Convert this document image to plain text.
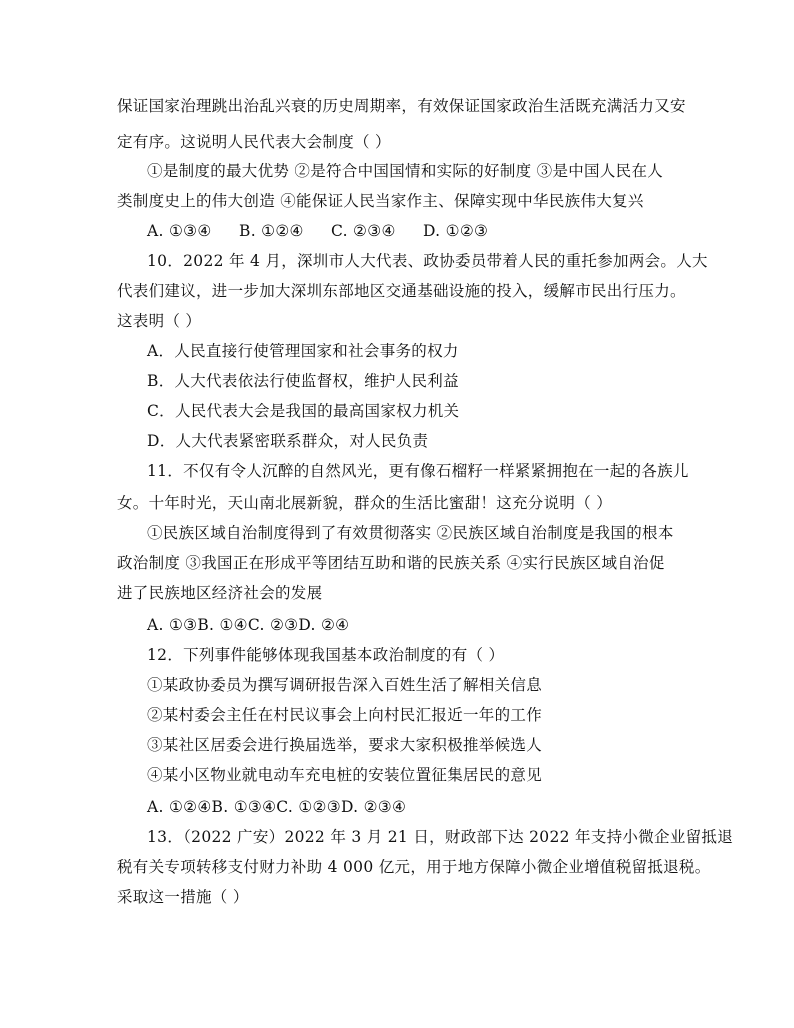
保证国家治理跳出治乱兴衰的历史周期率，有效保证国家政治生活既充满活力又安
定有序。这说明人民代表大会制度（ ）
①是制度的最大优势 ②是符合中国国情和实际的好制度 ③是中国人民在人
类制度史上的伟大创造 ④能保证人民当家作主、保障实现中华民族伟大复兴
A. ①③④ B. ①②④ C. ②③④ D. ①②③
10．2022 年 4 月，深圳市人大代表、政协委员带着人民的重托参加两会。人大
代表们建议，进一步加大深圳东部地区交通基础设施的投入，缓解市民出行压力。
这表明（ ）
A．人民直接行使管理国家和社会事务的权力
B．人大代表依法行使监督权，维护人民利益
C．人民代表大会是我国的最高国家权力机关
D．人大代表紧密联系群众，对人民负责
11．不仅有令人沉醉的自然风光，更有像石榴籽一样紧紧拥抱在一起的各族儿
女。十年时光，天山南北展新貌，群众的生活比蜜甜！这充分说明（ ）
①民族区域自治制度得到了有效贯彻落实 ②民族区域自治制度是我国的根本
政治制度 ③我国正在形成平等团结互助和谐的民族关系 ④实行民族区域自治促
进了民族地区经济社会的发展
A. ①③B. ①④C. ②③D. ②④
12．下列事件能够体现我国基本政治制度的有（ ）
①某政协委员为撰写调研报告深入百姓生活了解相关信息
②某村委会主任在村民议事会上向村民汇报近一年的工作
③某社区居委会进行换届选举，要求大家积极推举候选人
④某小区物业就电动车充电桩的安装位置征集居民的意见
A. ①②④B. ①③④C. ①②③D. ②③④
13．（2022 广安）2022 年 3 月 21 日，财政部下达 2022 年支持小微企业留抵退
税有关专项转移支付财力补助 4 000 亿元，用于地方保障小微企业增值税留抵退税。
采取这一措施（ ）
